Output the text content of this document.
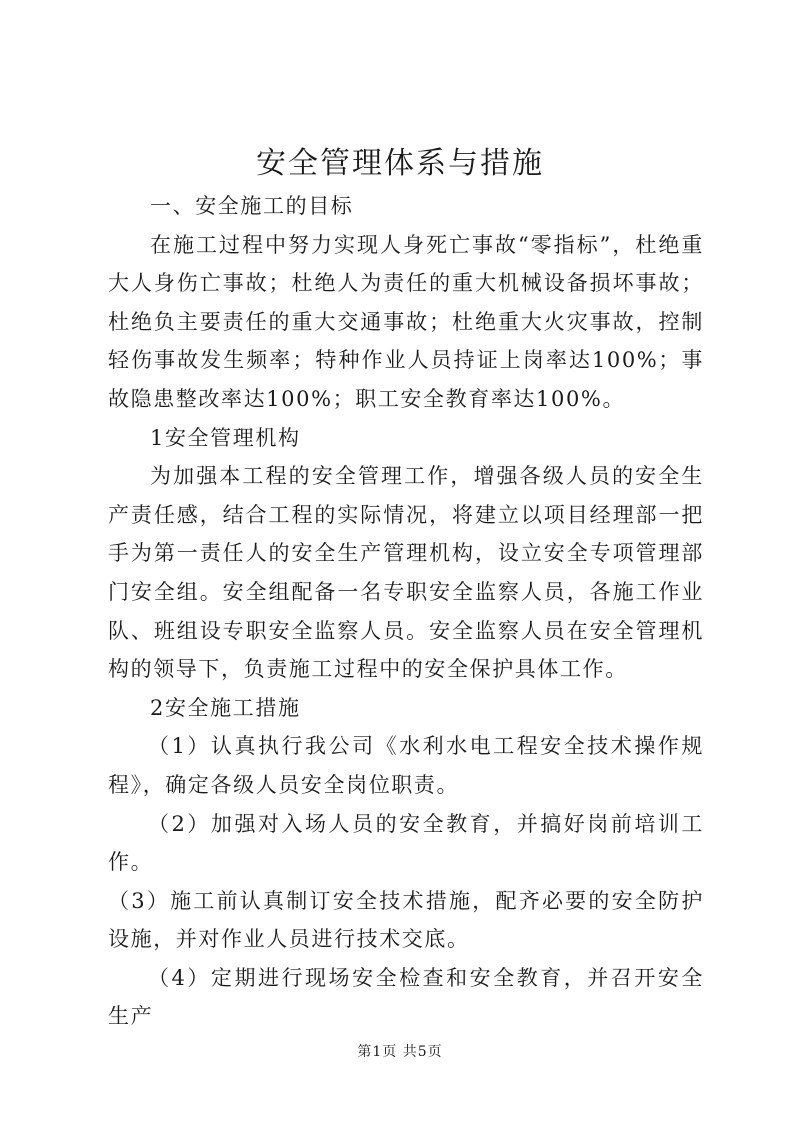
安全管理体系与措施

一、安全施工的目标

在施工过程中努力实现人身死亡事故“零指标”，杜绝重大人身伤亡事故；杜绝人为责任的重大机械设备损坏事故；杜绝负主要责任的重大交通事故；杜绝重大火灾事故，控制轻伤事故发生频率；特种作业人员持证上岗率达100%；事故隐患整改率达100%；职工安全教育率达100%。

1安全管理机构

为加强本工程的安全管理工作，增强各级人员的安全生产责任感，结合工程的实际情况，将建立以项目经理部一把手为第一责任人的安全生产管理机构，设立安全专项管理部门安全组。安全组配备一名专职安全监察人员，各施工作业队、班组设专职安全监察人员。安全监察人员在安全管理机构的领导下，负责施工过程中的安全保护具体工作。

2安全施工措施

（1）认真执行我公司《水利水电工程安全技术操作规程》，确定各级人员安全岗位职责。

（2）加强对入场人员的安全教育，并搞好岗前培训工作。

（3）施工前认真制订安全技术措施，配齐必要的安全防护设施，并对作业人员进行技术交底。

（4）定期进行现场安全检查和安全教育，并召开安全生产

第1页 共5页
